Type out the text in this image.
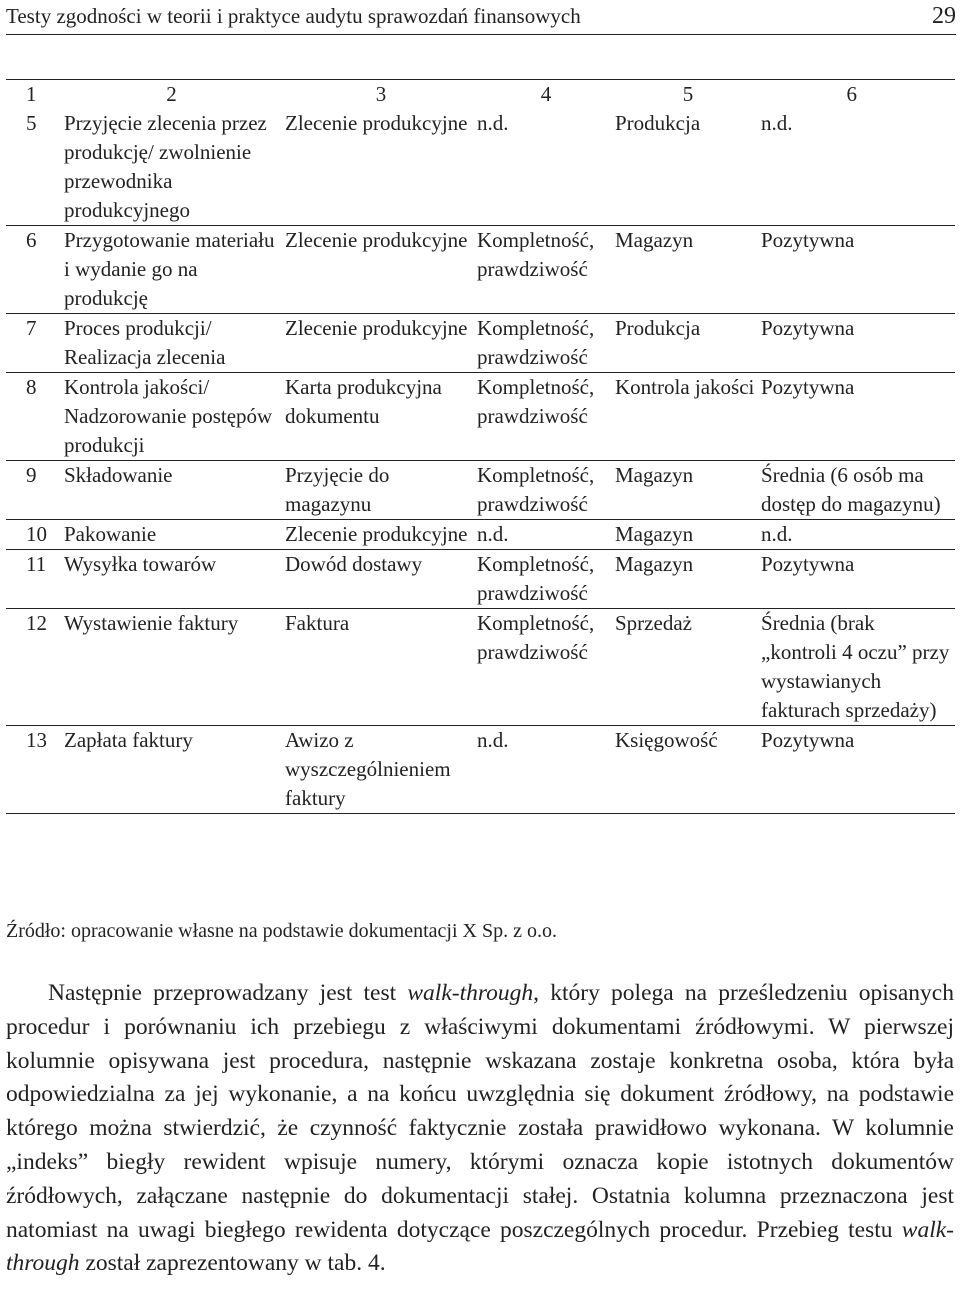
Testy zgodności w teorii i praktyce audytu sprawozdań finansowych	29
1	2	3	4	5	6
5	Przyjęcie zlecenia przez produkcję/ zwolnienie przewodnika produkcyjnego	Zlecenie produkcyjne	n.d.	Produkcja	n.d.
6	Przygotowanie materiału i wydanie go na produkcję	Zlecenie produkcyjne	Kompletność, prawdziwość	Magazyn	Pozytywna
7	Proces produkcji/ Realizacja zlecenia	Zlecenie produkcyjne	Kompletność, prawdziwość	Produkcja	Pozytywna
8	Kontrola jakości/ Nadzorowanie postępów produkcji	Karta produkcyjna dokumentu	Kompletność, prawdziwość	Kontrola jakości	Pozytywna
9	Składowanie	Przyjęcie do magazynu	Kompletność, prawdziwość	Magazyn	Średnia (6 osób ma dostęp do magazynu)
10	Pakowanie	Zlecenie produkcyjne	n.d.	Magazyn	n.d.
11	Wysyłka towarów	Dowód dostawy	Kompletność, prawdziwość	Magazyn	Pozytywna
12	Wystawienie faktury	Faktura	Kompletność, prawdziwość	Sprzedaż	Średnia (brak „kontroli 4 oczu” przy wystawianych fakturach sprzedaży)
13	Zapłata faktury	Awizo z wyszczególnieniem faktury	n.d.	Księgowość	Pozytywna
Źródło: opracowanie własne na podstawie dokumentacji X Sp. z o.o.

Następnie przeprowadzany jest test walk-through, który polega na prześledzeniu opisanych procedur i porównaniu ich przebiegu z właściwymi dokumentami źródłowymi. W pierwszej kolumnie opisywana jest procedura, następnie wskazana zostaje konkretna osoba, która była odpowiedzialna za jej wykonanie, a na końcu uwzględnia się dokument źródłowy, na podstawie którego można stwierdzić, że czynność faktycznie została prawidłowo wykonana. W kolumnie „indeks” biegły rewident wpisuje numery, którymi oznacza kopie istotnych dokumentów źródłowych, załączane następnie do dokumentacji stałej. Ostatnia kolumna przeznaczona jest natomiast na uwagi biegłego rewidenta dotyczące poszczególnych procedur. Przebieg testu walk-through został zaprezentowany w tab. 4.
